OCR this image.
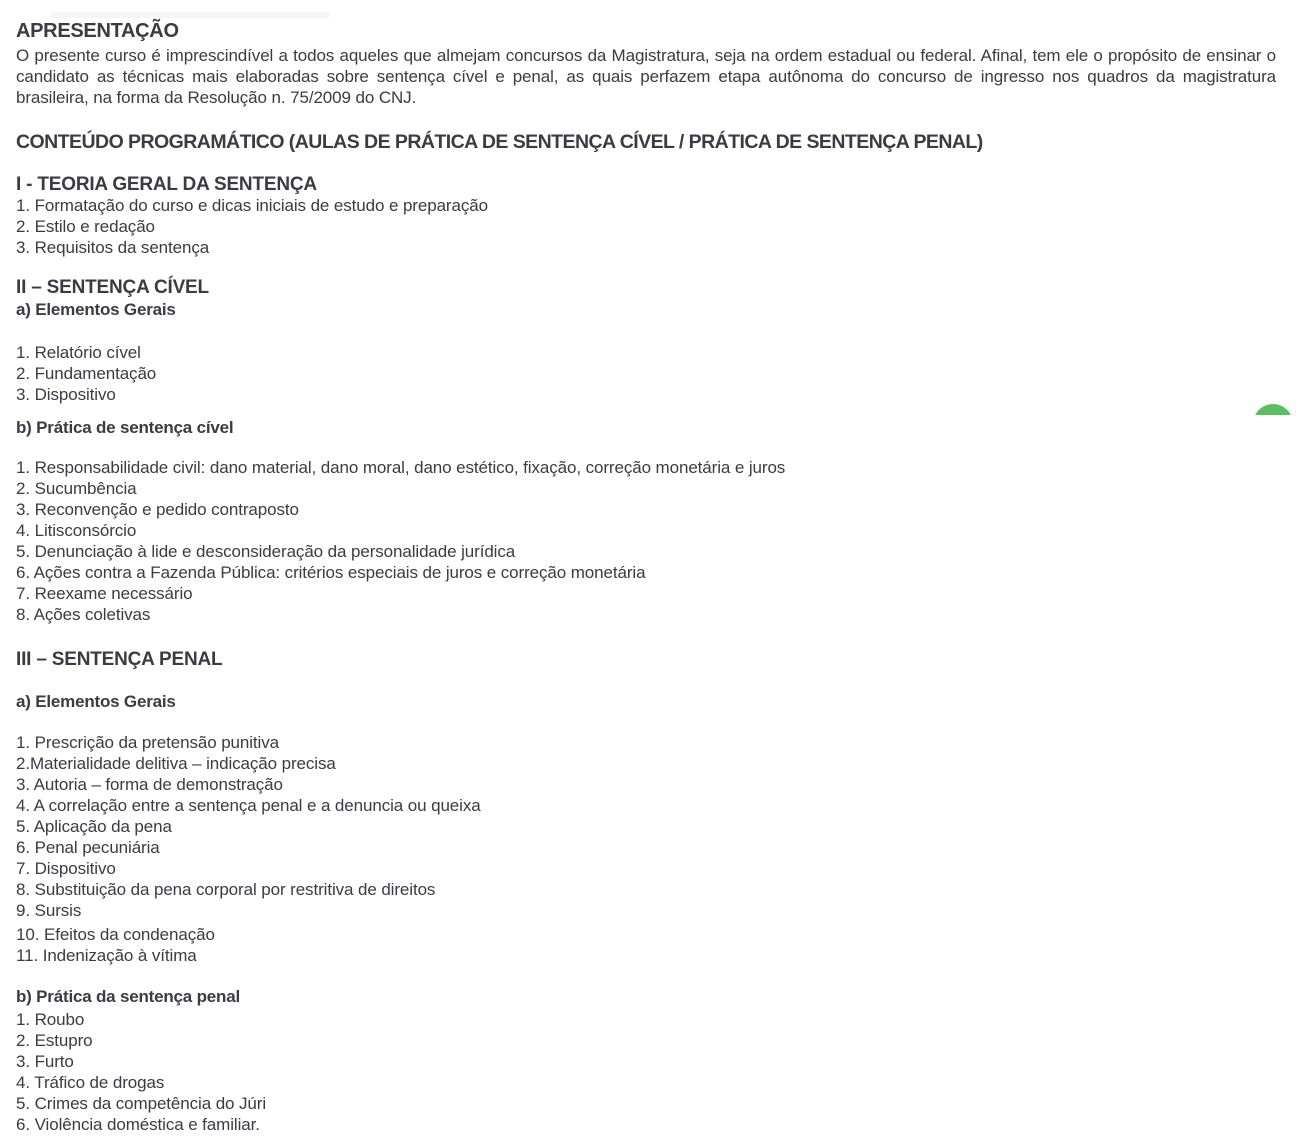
APRESENTAÇÃO

O presente curso é imprescindível a todos aqueles que almejam concursos da Magistratura, seja na ordem estadual ou federal. Afinal, tem ele o propósito de ensinar o candidato as técnicas mais elaboradas sobre sentença cível e penal, as quais perfazem etapa autônoma do concurso de ingresso nos quadros da magistratura brasileira, na forma da Resolução n. 75/2009 do CNJ.

CONTEÚDO PROGRAMÁTICO (AULAS DE PRÁTICA DE SENTENÇA CÍVEL / PRÁTICA DE SENTENÇA PENAL)
I - TEORIA GERAL DA SENTENÇA
1. Formatação do curso e dicas iniciais de estudo e preparação
2. Estilo e redação
3. Requisitos da sentença
II – SENTENÇA CÍVEL
a) Elementos Gerais
1. Relatório cível
2. Fundamentação
3. Dispositivo
b) Prática de sentença cível
1. Responsabilidade civil: dano material, dano moral, dano estético, fixação, correção monetária e juros
2. Sucumbência
3. Reconvenção e pedido contraposto
4. Litisconsórcio
5. Denunciação à lide e desconsideração da personalidade jurídica
6. Ações contra a Fazenda Pública: critérios especiais de juros e correção monetária
7. Reexame necessário
8. Ações coletivas
III – SENTENÇA PENAL
a) Elementos Gerais
1. Prescrição da pretensão punitiva
2.Materialidade delitiva – indicação precisa
3. Autoria – forma de demonstração
4. A correlação entre a sentença penal e a denuncia ou queixa
5. Aplicação da pena
6. Penal pecuniária
7. Dispositivo
8. Substituição da pena corporal por restritiva de direitos
9. Sursis
10. Efeitos da condenação
11. Indenização à vítima
b) Prática da sentença penal
1. Roubo
2. Estupro
3. Furto
4. Tráfico de drogas
5. Crimes da competência do Júri
6. Violência doméstica e familiar.
